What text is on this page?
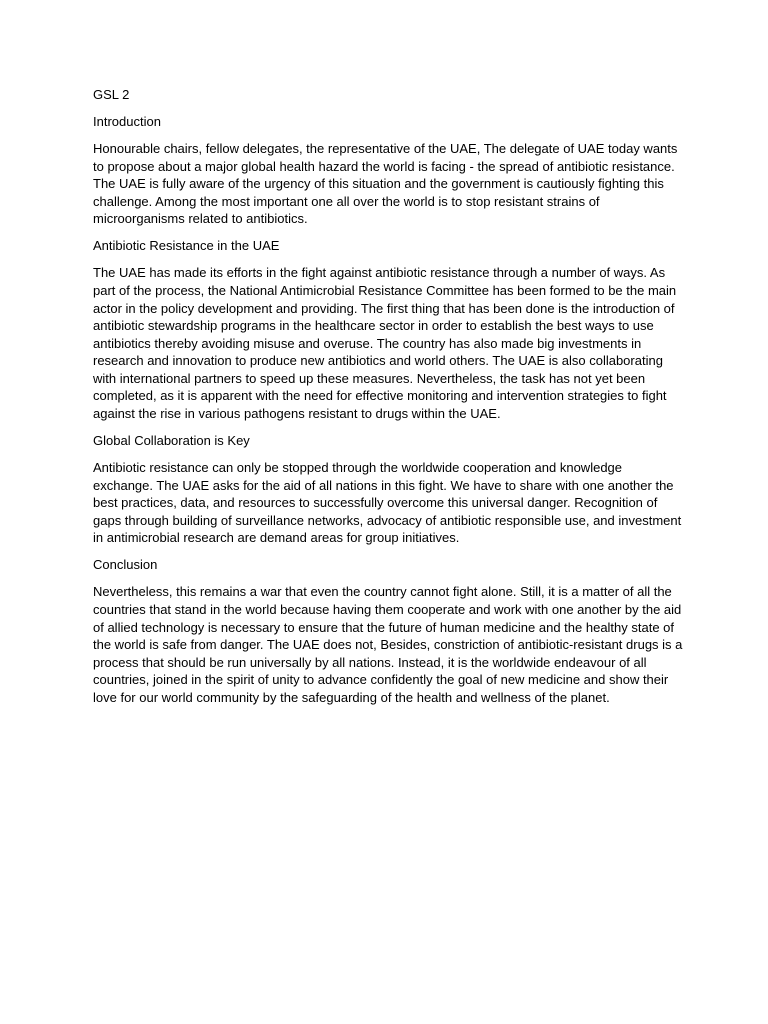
GSL 2

Introduction

Honourable chairs, fellow delegates, the representative of the UAE, The delegate of UAE today wants to propose about a major global health hazard the world is facing - the spread of antibiotic resistance. The UAE is fully aware of the urgency of this situation and the government is cautiously fighting this challenge. Among the most important one all over the world is to stop resistant strains of microorganisms related to antibiotics.

Antibiotic Resistance in the UAE

The UAE has made its efforts in the fight against antibiotic resistance through a number of ways. As part of the process, the National Antimicrobial Resistance Committee has been formed to be the main actor in the policy development and providing. The first thing that has been done is the introduction of antibiotic stewardship programs in the healthcare sector in order to establish the best ways to use antibiotics thereby avoiding misuse and overuse. The country has also made big investments in research and innovation to produce new antibiotics and world others. The UAE is also collaborating with international partners to speed up these measures. Nevertheless, the task has not yet been completed, as it is apparent with the need for effective monitoring and intervention strategies to fight against the rise in various pathogens resistant to drugs within the UAE.

Global Collaboration is Key

Antibiotic resistance can only be stopped through the worldwide cooperation and knowledge exchange. The UAE asks for the aid of all nations in this fight. We have to share with one another the best practices, data, and resources to successfully overcome this universal danger. Recognition of gaps through building of surveillance networks, advocacy of antibiotic responsible use, and investment in antimicrobial research are demand areas for group initiatives.

Conclusion

Nevertheless, this remains a war that even the country cannot fight alone. Still, it is a matter of all the countries that stand in the world because having them cooperate and work with one another by the aid of allied technology is necessary to ensure that the future of human medicine and the healthy state of the world is safe from danger. The UAE does not, Besides, constriction of antibiotic-resistant drugs is a process that should be run universally by all nations. Instead, it is the worldwide endeavour of all countries, joined in the spirit of unity to advance confidently the goal of new medicine and show their love for our world community by the safeguarding of the health and wellness of the planet.
